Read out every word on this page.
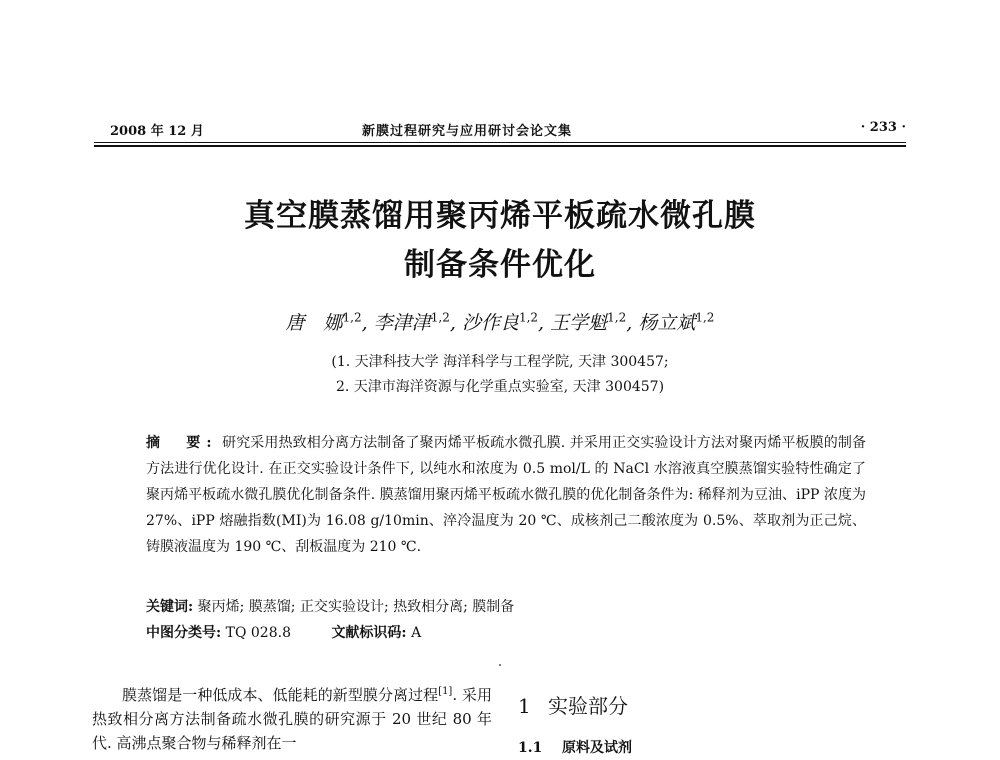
2008 年 12 月	新膜过程研究与应用研讨会论文集	· 233 ·
真空膜蒸馏用聚丙烯平板疏水微孔膜
制备条件优化
唐　娜$^{1,2}$, 李津津$^{1,2}$, 沙作良$^{1,2}$, 王学魁$^{1,2}$, 杨立斌$^{1,2}$
(1. 天津科技大学 海洋科学与工程学院, 天津 300457;
2. 天津市海洋资源与化学重点实验室, 天津 300457)
摘　要: 研究采用热致相分离方法制备了聚丙烯平板疏水微孔膜. 并采用正交实验设计方法对聚丙烯平板膜的制备方法进行优化设计. 在正交实验设计条件下, 以纯水和浓度为 0.5 mol/L 的 NaCl 水溶液真空膜蒸馏实验特性确定了聚丙烯平板疏水微孔膜优化制备条件. 膜蒸馏用聚丙烯平板疏水微孔膜的优化制备条件为: 稀释剂为豆油、iPP 浓度为 27%、iPP 熔融指数(MI)为 16.08 g/10min、淬冷温度为 20 ℃、成核剂己二酸浓度为 0.5%、萃取剂为正己烷、铸膜液温度为 190 ℃、刮板温度为 210 ℃.
关键词: 聚丙烯; 膜蒸馏; 正交实验设计; 热致相分离; 膜制备
中图分类号: TQ 028.8	文献标识码: A
  膜蒸馏是一种低成本、低能耗的新型膜分离过程[1]. 采用热致相分离方法制备疏水微孔膜的研究源于 20 世纪 80 年代. 高沸点聚合物与稀释剂在一
1 实验部分
1.1 原料及试剂
